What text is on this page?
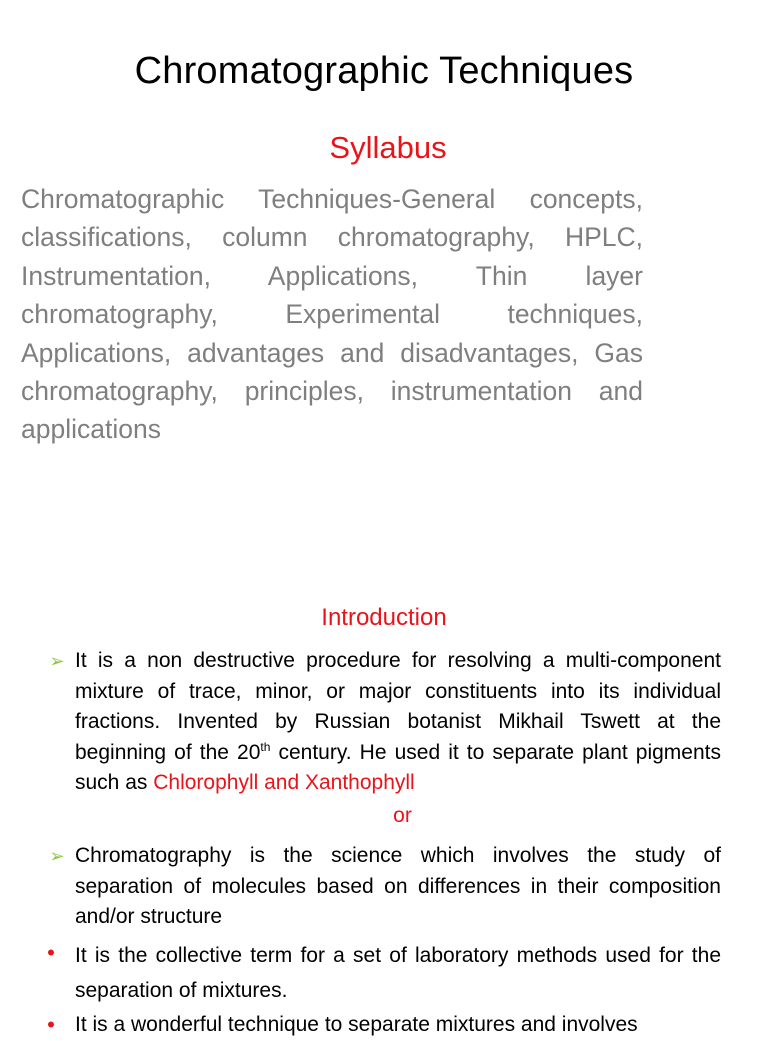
Chromatographic Techniques
Syllabus

Chromatographic Techniques-General concepts, classifications, column chromatography, HPLC, Instrumentation, Applications, Thin layer chromatography, Experimental techniques, Applications, advantages and disadvantages, Gas chromatography, principles, instrumentation and applications

Introduction
➢ It is a non destructive procedure for resolving a multi-component mixture of trace, minor, or major constituents into its individual fractions. Invented by Russian botanist Mikhail Tswett at the beginning of the 20th century. He used it to separate plant pigments such as Chlorophyll and Xanthophyll

or

➢ Chromatography is the science which involves the study of separation of molecules based on differences in their composition and/or structure

• It is the collective term for a set of laboratory methods used for the separation of mixtures.

• It is a wonderful technique to separate mixtures and involves
